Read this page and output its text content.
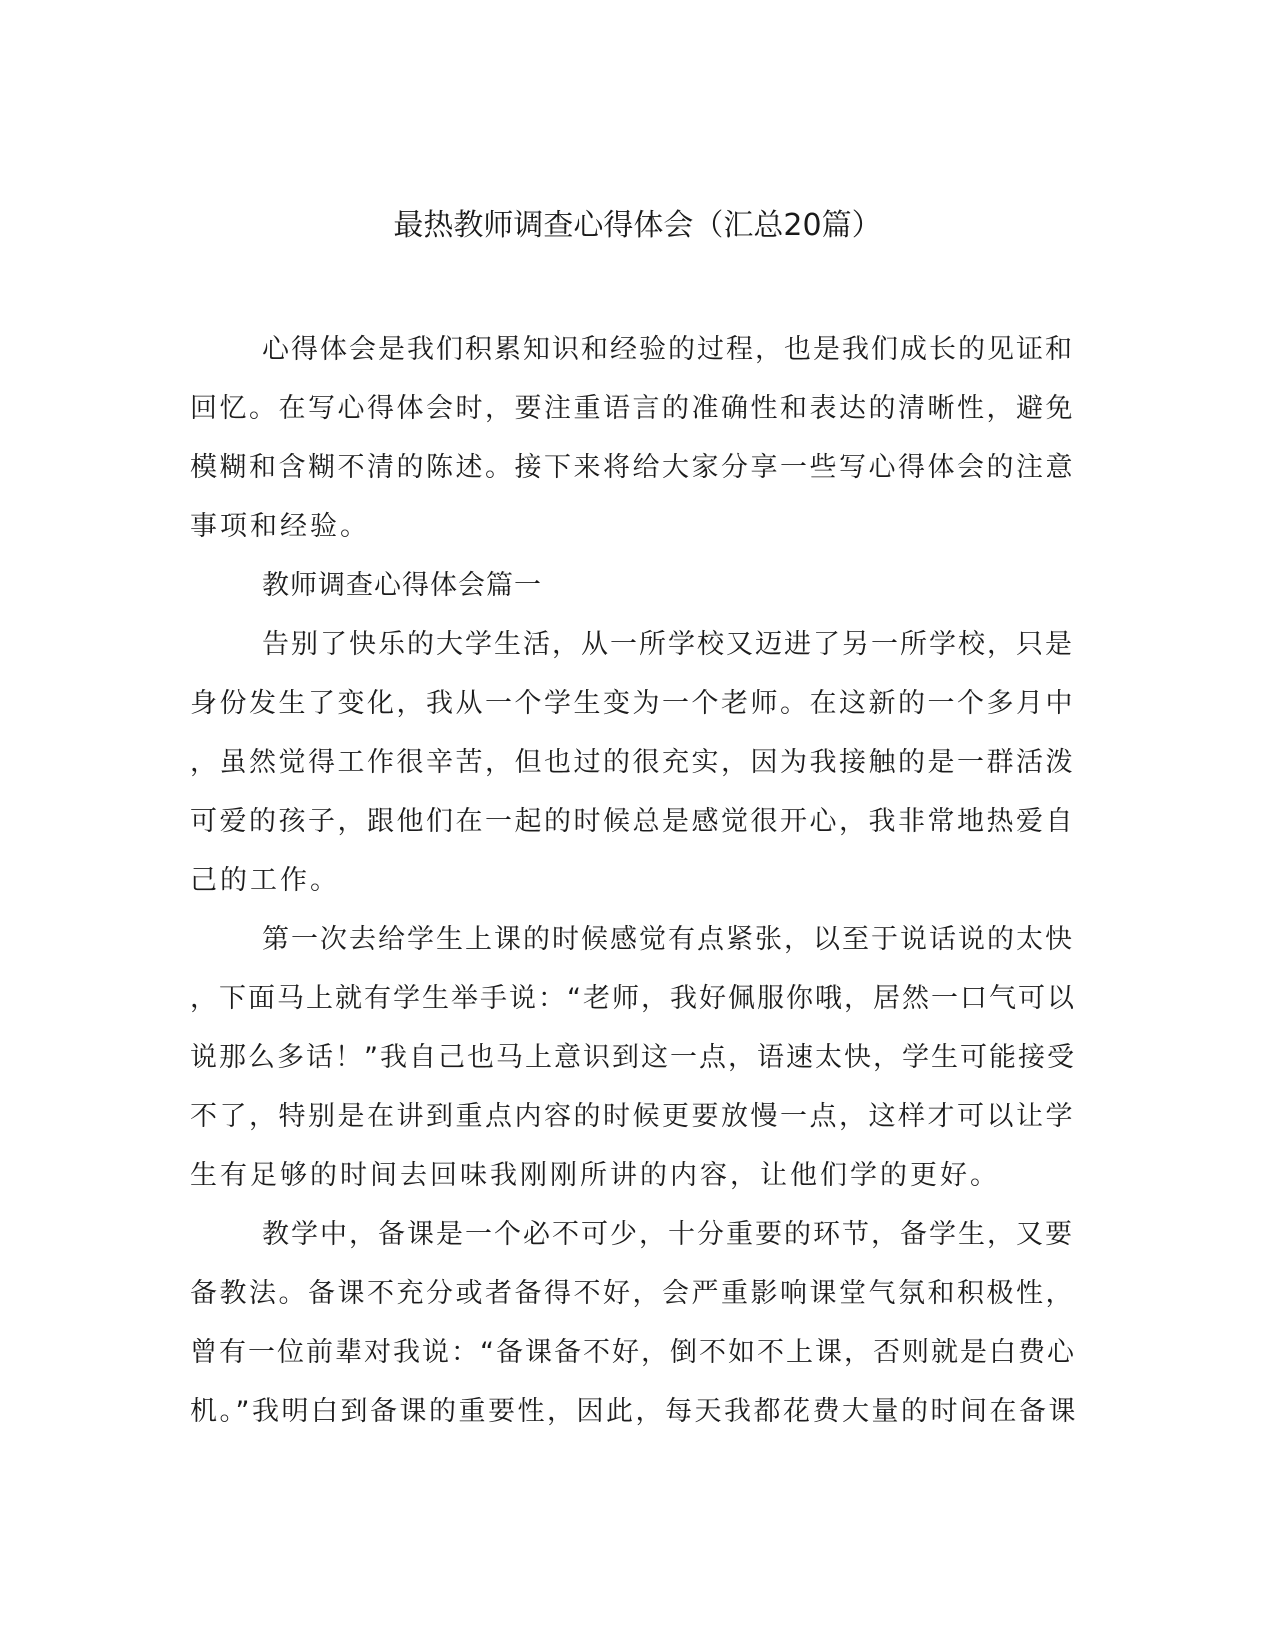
最热教师调查心得体会（汇总20篇）
心得体会是我们积累知识和经验的过程，也是我们成长的见证和
回忆。在写心得体会时，要注重语言的准确性和表达的清晰性，避免
模糊和含糊不清的陈述。接下来将给大家分享一些写心得体会的注意
事项和经验。
教师调查心得体会篇一
告别了快乐的大学生活，从一所学校又迈进了另一所学校，只是
身份发生了变化，我从一个学生变为一个老师。在这新的一个多月中
，虽然觉得工作很辛苦，但也过的很充实，因为我接触的是一群活泼
可爱的孩子，跟他们在一起的时候总是感觉很开心，我非常地热爱自
己的工作。
第一次去给学生上课的时候感觉有点紧张，以至于说话说的太快
，下面马上就有学生举手说：“老师，我好佩服你哦，居然一口气可以
说那么多话！”我自己也马上意识到这一点，语速太快，学生可能接受
不了，特别是在讲到重点内容的时候更要放慢一点，这样才可以让学
生有足够的时间去回味我刚刚所讲的内容，让他们学的更好。
教学中，备课是一个必不可少，十分重要的环节，备学生，又要
备教法。备课不充分或者备得不好，会严重影响课堂气氛和积极性，
曾有一位前辈对我说：“备课备不好，倒不如不上课，否则就是白费心
机。”我明白到备课的重要性，因此，每天我都花费大量的时间在备课
